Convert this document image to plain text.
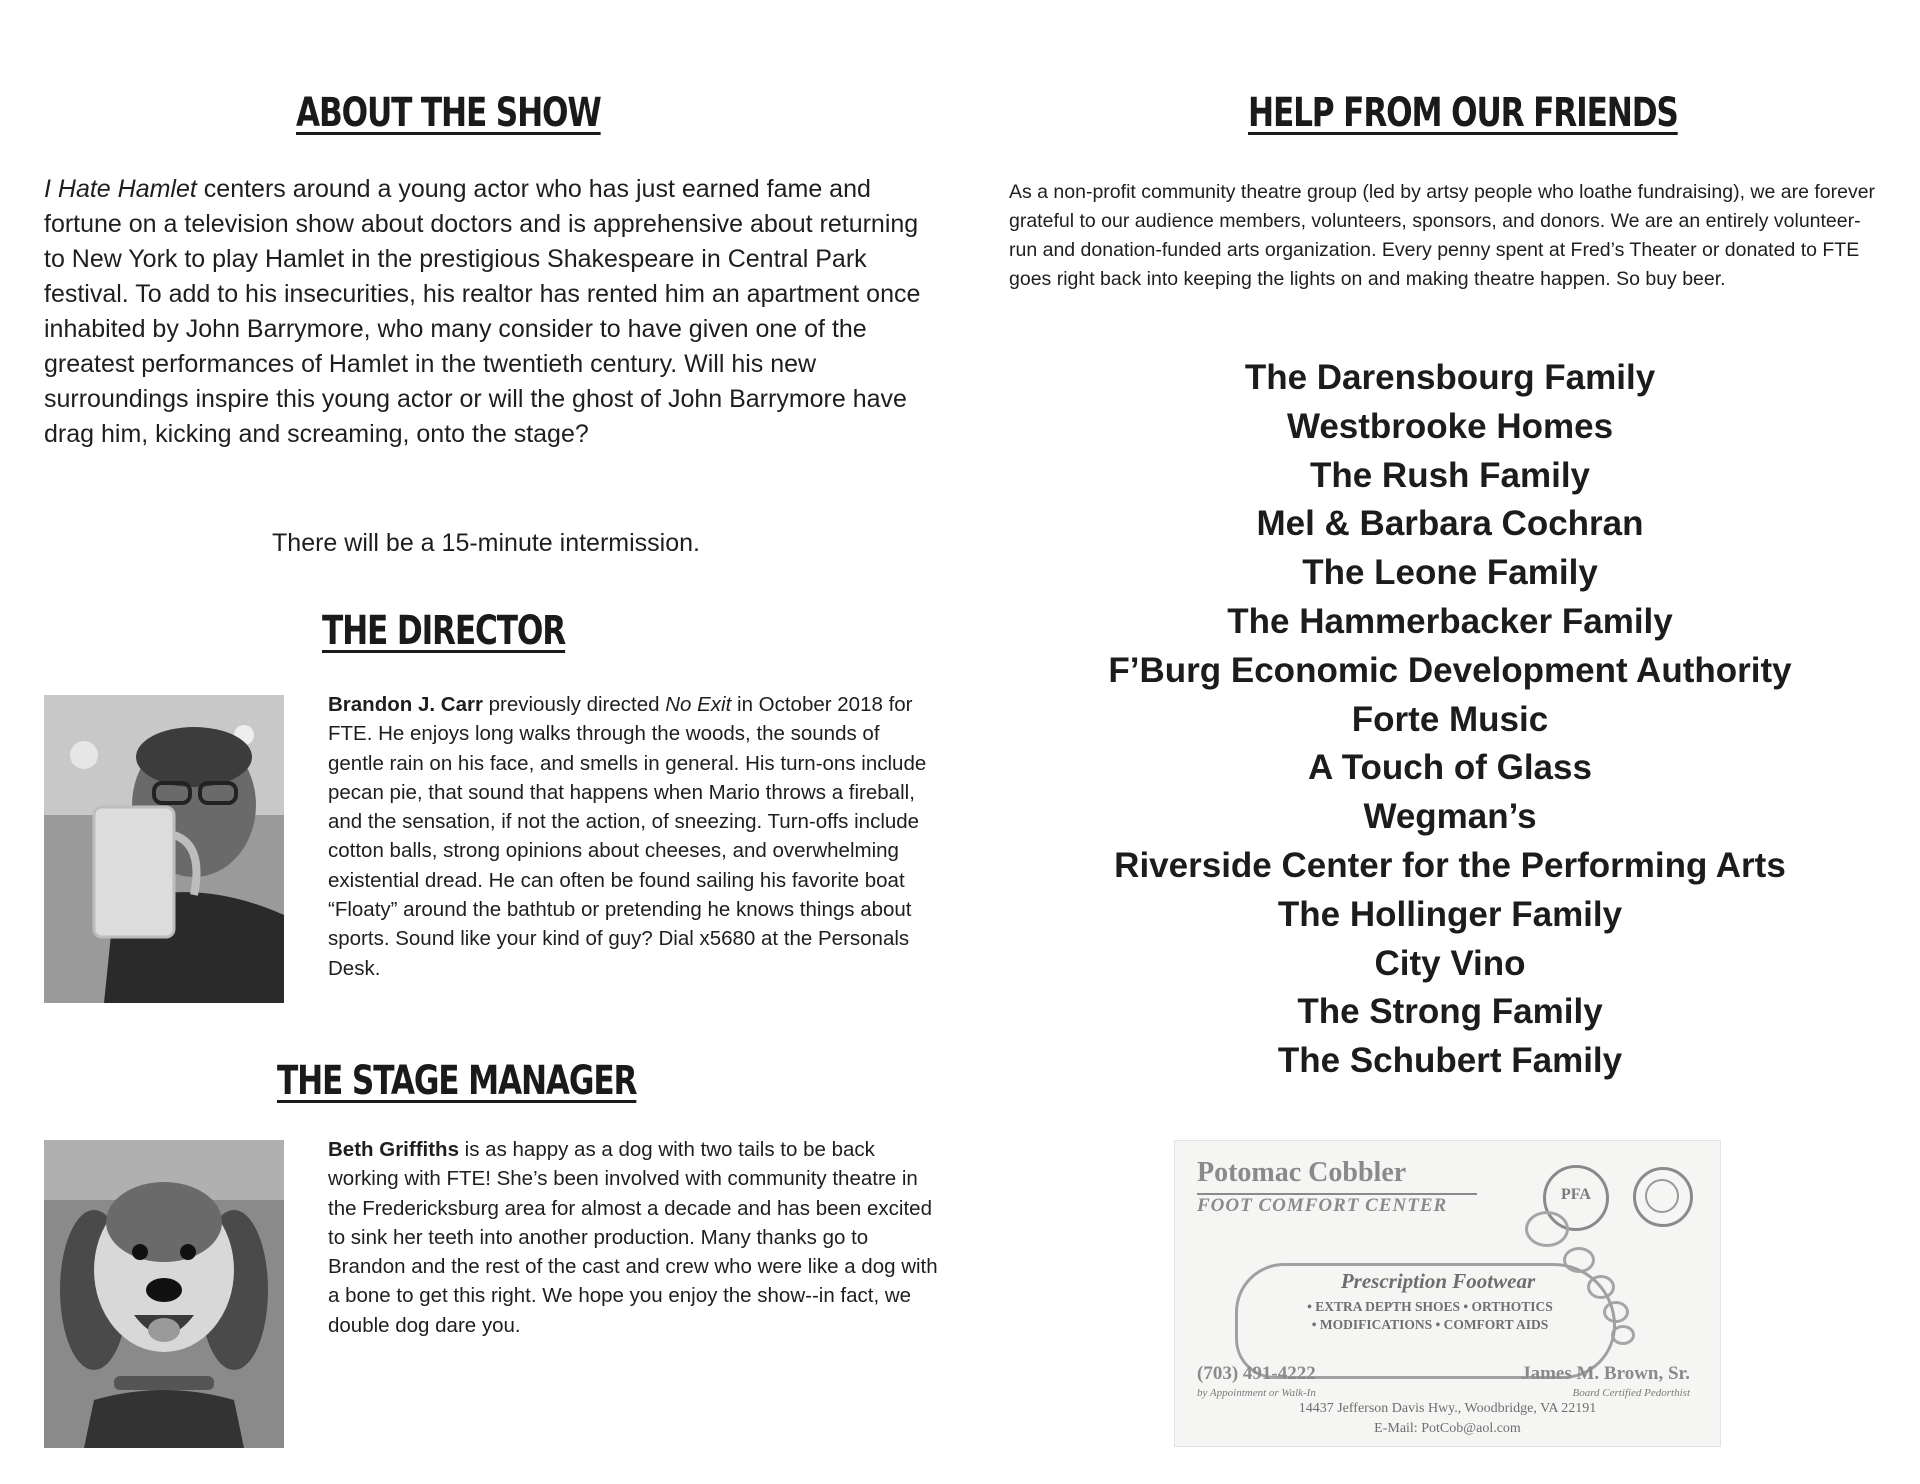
ABOUT THE SHOW

I Hate Hamlet centers around a young actor who has just earned fame and fortune on a television show about doctors and is apprehensive about returning to New York to play Hamlet in the prestigious Shakespeare in Central Park festival. To add to his insecurities, his realtor has rented him an apartment once inhabited by John Barrymore, who many consider to have given one of the greatest performances of Hamlet in the twentieth century. Will his new surroundings inspire this young actor or will the ghost of John Barrymore have drag him, kicking and screaming, onto the stage?

There will be a 15-minute intermission.

THE DIRECTOR

Brandon J. Carr previously directed No Exit in October 2018 for FTE. He enjoys long walks through the woods, the sounds of gentle rain on his face, and smells in general. His turn-ons include pecan pie, that sound that happens when Mario throws a fireball, and the sensation, if not the action, of sneezing. Turn-offs include cotton balls, strong opinions about cheeses, and overwhelming existential dread. He can often be found sailing his favorite boat “Floaty” around the bathtub or pretending he knows things about sports. Sound like your kind of guy? Dial x5680 at the Personals Desk.

THE STAGE MANAGER

Beth Griffiths is as happy as a dog with two tails to be back working with FTE! She’s been involved with community theatre in the Fredericksburg area for almost a decade and has been excited to sink her teeth into another production. Many thanks go to Brandon and the rest of the cast and crew who were like a dog with a bone to get this right. We hope you enjoy the show--in fact, we double dog dare you.

HELP FROM OUR FRIENDS

As a non-profit community theatre group (led by artsy people who loathe fundraising), we are forever grateful to our audience members, volunteers, sponsors, and donors. We are an entirely volunteer-run and donation-funded arts organization. Every penny spent at Fred’s Theater or donated to FTE goes right back into keeping the lights on and making theatre happen. So buy beer.

The Darensbourg Family
Westbrooke Homes
The Rush Family
Mel & Barbara Cochran
The Leone Family
The Hammerbacker Family
F’Burg Economic Development Authority
Forte Music
A Touch of Glass
Wegman’s
Riverside Center for the Performing Arts
The Hollinger Family
City Vino
The Strong Family
The Schubert Family
Potomac Cobbler
FOOT COMFORT CENTER
PFA
Prescription Footwear
• EXTRA DEPTH SHOES • ORTHOTICS
• MODIFICATIONS • COMFORT AIDS
(703) 491-4222
by Appointment or Walk-In
James M. Brown, Sr.
Board Certified Pedorthist
14437 Jefferson Davis Hwy., Woodbridge, VA 22191
E-Mail: PotCob@aol.com
